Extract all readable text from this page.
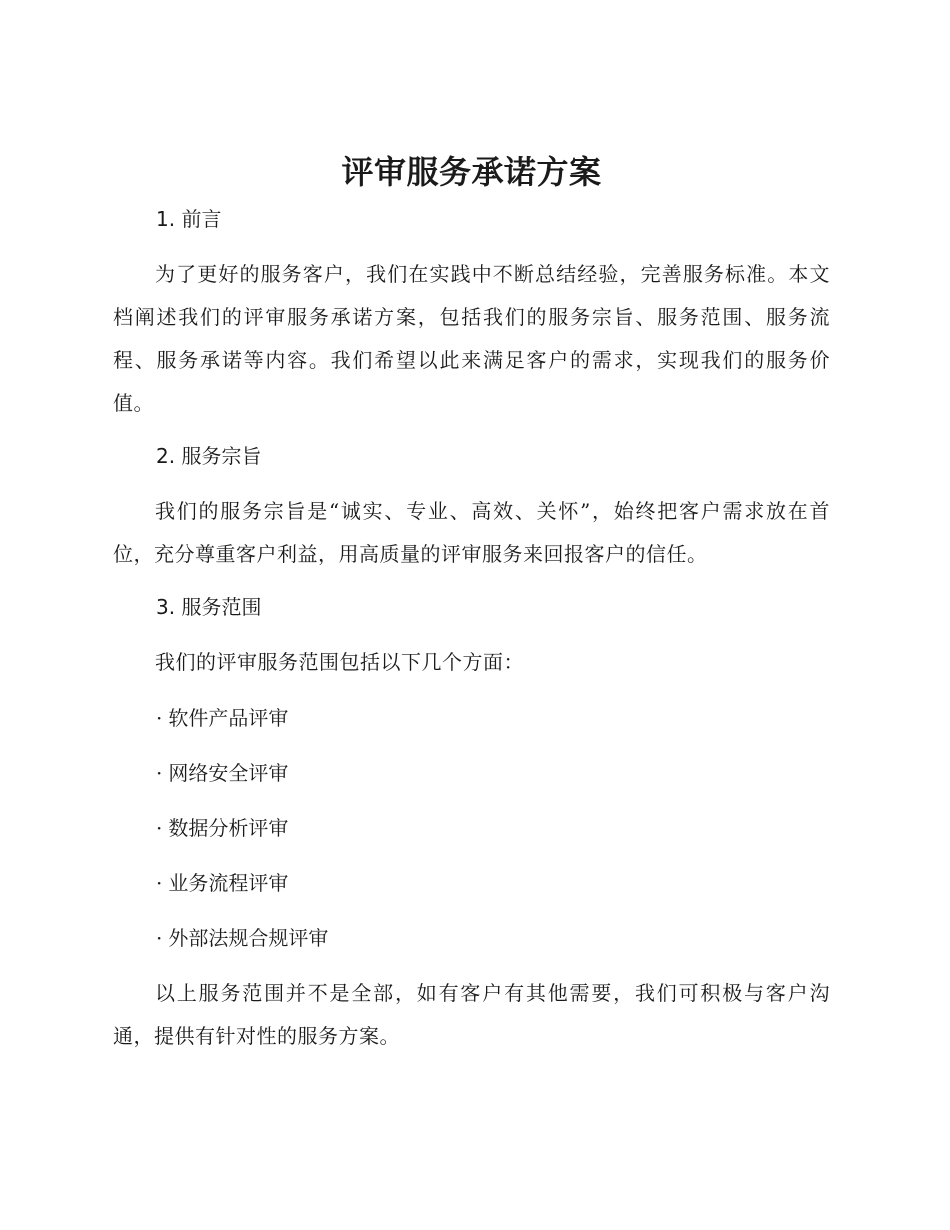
评审服务承诺方案
1. 前言

为了更好的服务客户，我们在实践中不断总结经验，完善服务标准。本文档阐述我们的评审服务承诺方案，包括我们的服务宗旨、服务范围、服务流程、服务承诺等内容。我们希望以此来满足客户的需求，实现我们的服务价值。

2. 服务宗旨

我们的服务宗旨是“诚实、专业、高效、关怀”，始终把客户需求放在首位，充分尊重客户利益，用高质量的评审服务来回报客户的信任。

3. 服务范围

我们的评审服务范围包括以下几个方面：

· 软件产品评审

· 网络安全评审

· 数据分析评审

· 业务流程评审

· 外部法规合规评审

以上服务范围并不是全部，如有客户有其他需要，我们可积极与客户沟通，提供有针对性的服务方案。
